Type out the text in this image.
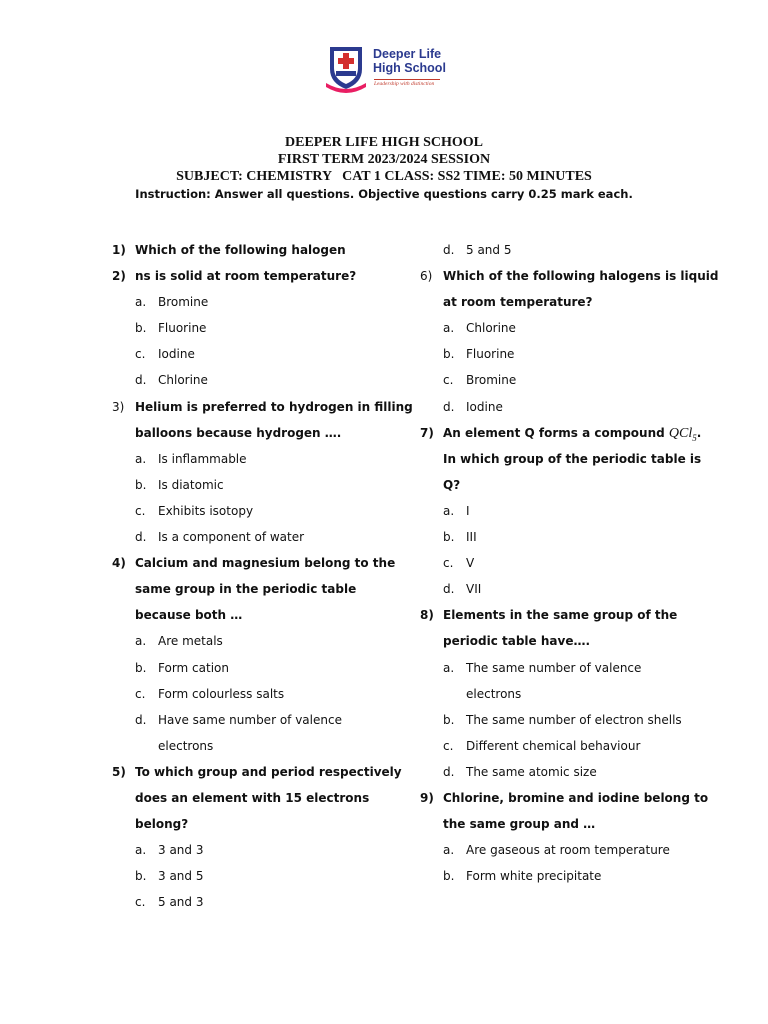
Deeper Life
High School
Leadership with distinction
DEEPER LIFE HIGH SCHOOL
FIRST TERM 2023/2024 SESSION
SUBJECT: CHEMISTRY   CAT 1 CLASS: SS2 TIME: 50 MINUTES
Instruction: Answer all questions. Objective questions carry 0.25 mark each.
1) Which of the following halogen
2) ns is solid at room temperature?
a. Bromine
b. Fluorine
c. Iodine
d. Chlorine
3) Helium is preferred to hydrogen in filling
balloons because hydrogen ….
a. Is inflammable
b. Is diatomic
c. Exhibits isotopy
d. Is a component of water
4) Calcium and magnesium belong to the
same group in the periodic table
because both …
a. Are metals
b. Form cation
c. Form colourless salts
d. Have same number of valence
electrons
5) To which group and period respectively
does an element with 15 electrons
belong?
a. 3 and 3
b. 3 and 5
c. 5 and 3
d. 5 and 5
6) Which of the following halogens is liquid
at room temperature?
a. Chlorine
b. Fluorine
c. Bromine
d. Iodine
7) An element Q forms a compound QCl$_5$.
In which group of the periodic table is
Q?
a. I
b. III
c. V
d. VII
8) Elements in the same group of the
periodic table have….
a. The same number of valence
electrons
b. The same number of electron shells
c. Different chemical behaviour
d. The same atomic size
9) Chlorine, bromine and iodine belong to
the same group and …
a. Are gaseous at room temperature
b. Form white precipitate
